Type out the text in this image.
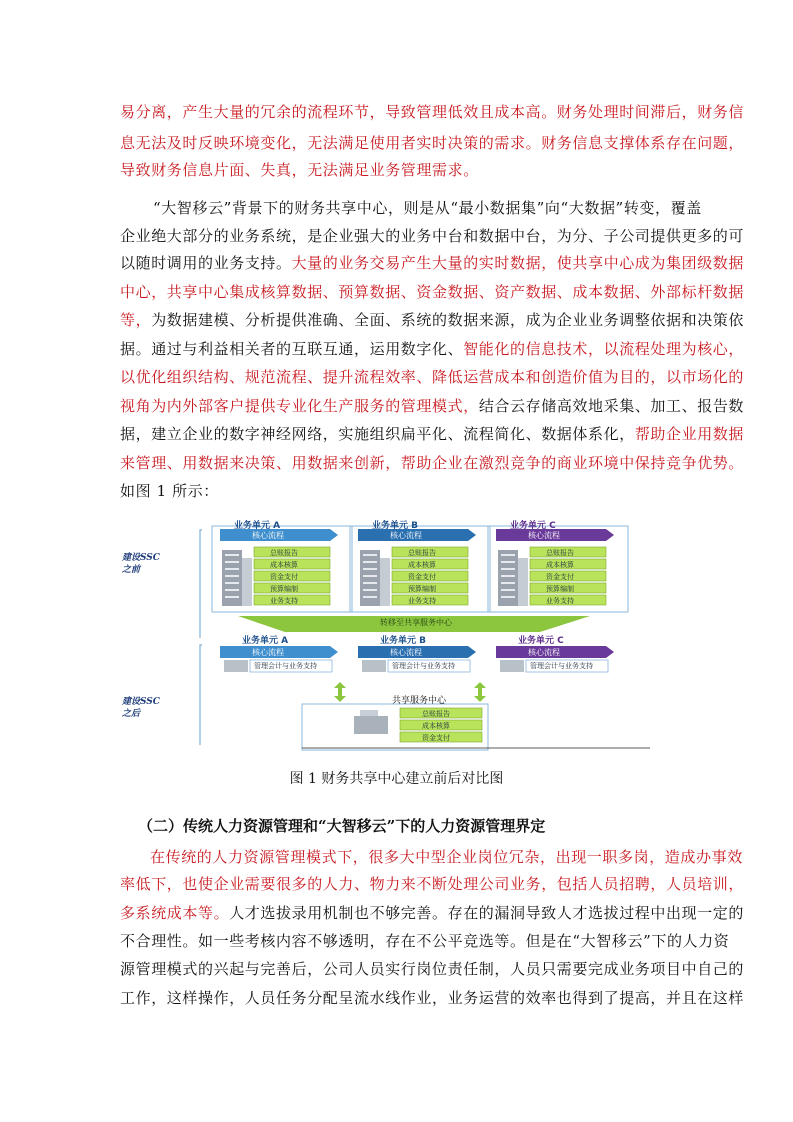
易分离，产生大量的冗余的流程环节，导致管理低效且成本高。财务处理时间滞后，财务信
息无法及时反映环境变化，无法满足使用者实时决策的需求。财务信息支撑体系存在问题，
导致财务信息片面、失真，无法满足业务管理需求。
“大智移云”背景下的财务共享中心，则是从“最小数据集”向“大数据”转变，覆盖
企业绝大部分的业务系统，是企业强大的业务中台和数据中台，为分、子公司提供更多的可
以随时调用的业务支持。大量的业务交易产生大量的实时数据，使共享中心成为集团级数据
中心，共享中心集成核算数据、预算数据、资金数据、资产数据、成本数据、外部标杆数据
等，为数据建模、分析提供准确、全面、系统的数据来源，成为企业业务调整依据和决策依
据。通过与利益相关者的互联互通，运用数字化、智能化的信息技术，以流程处理为核心，
以优化组织结构、规范流程、提升流程效率、降低运营成本和创造价值为目的，以市场化的
视角为内外部客户提供专业化生产服务的管理模式，结合云存储高效地采集、加工、报告数
据，建立企业的数字神经网络，实施组织扁平化、流程简化、数据体系化，帮助企业用数据
来管理、用数据来决策、用数据来创新，帮助企业在激烈竞争的商业环境中保持竞争优势。
如图 1 所示：
在传统的人力资源管理模式下，很多大中型企业岗位冗杂，出现一职多岗，造成办事效
率低下，也使企业需要很多的人力、物力来不断处理公司业务，包括人员招聘，人员培训，
多系统成本等。人才选拔录用机制也不够完善。存在的漏洞导致人才选拔过程中出现一定的
不合理性。如一些考核内容不够透明，存在不公平竞选等。但是在“大智移云”下的人力资
源管理模式的兴起与完善后，公司人员实行岗位责任制，人员只需要完成业务项目中自己的
工作，这样操作，人员任务分配呈流水线作业，业务运营的效率也得到了提高，并且在这样
建设SSC
之前
建设SSC
之后
业务单元 A
核心流程
总账报告
成本核算
资金支付
预算编制
业务支持
业务单元 B
核心流程
总账报告
成本核算
资金支付
预算编制
业务支持
业务单元 C
核心流程
总账报告
成本核算
资金支付
预算编制
业务支持
转移至共享服务中心
业务单元 A
核心流程
管理会计与业务支持
业务单元 B
核心流程
管理会计与业务支持
业务单元 C
核心流程
管理会计与业务支持
共享服务中心
总账报告
成本核算
资金支付
图 1 财务共享中心建立前后对比图
（二）传统人力资源管理和“大智移云”下的人力资源管理界定
